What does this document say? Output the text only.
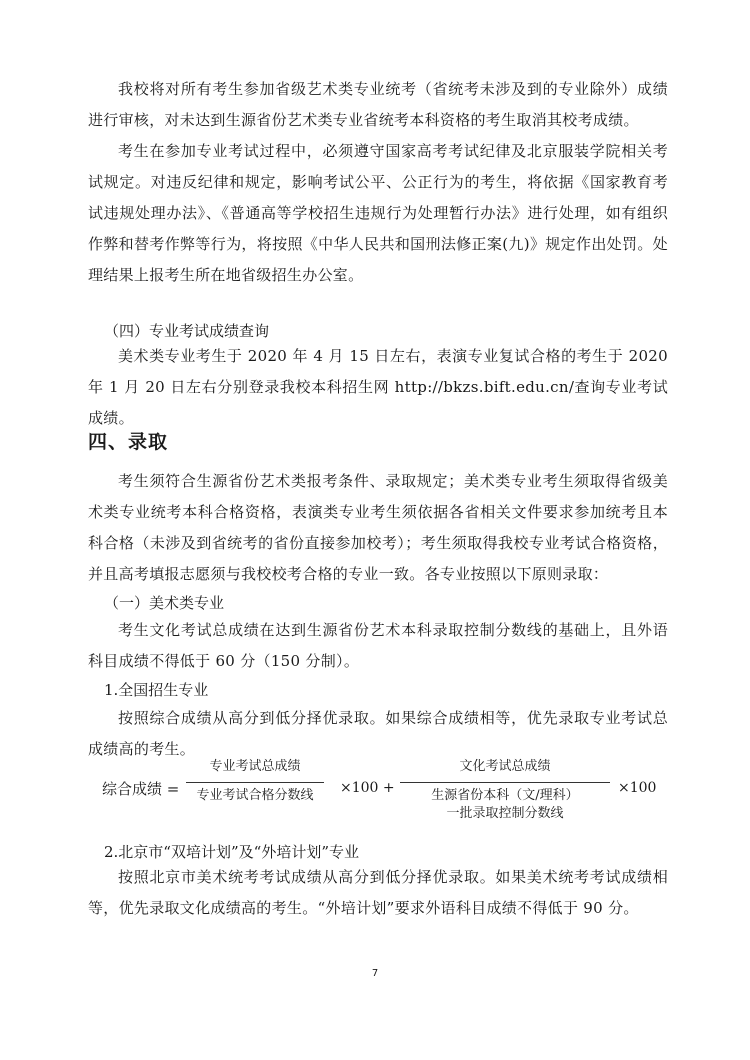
我校将对所有考生参加省级艺术类专业统考（省统考未涉及到的专业除外）成绩进行审核，对未达到生源省份艺术类专业省统考本科资格的考生取消其校考成绩。

考生在参加专业考试过程中，必须遵守国家高考考试纪律及北京服装学院相关考试规定。对违反纪律和规定，影响考试公平、公正行为的考生，将依据《国家教育考试违规处理办法》、《普通高等学校招生违规行为处理暂行办法》进行处理，如有组织作弊和替考作弊等行为，将按照《中华人民共和国刑法修正案(九)》规定作出处罚。处理结果上报考生所在地省级招生办公室。

（四）专业考试成绩查询

美术类专业考生于 2020 年 4 月 15 日左右，表演专业复试合格的考生于 2020 年 1 月 20 日左右分别登录我校本科招生网 http://bkzs.bift.edu.cn/查询专业考试成绩。

四、录取

考生须符合生源省份艺术类报考条件、录取规定；美术类专业考生须取得省级美术类专业统考本科合格资格，表演类专业考生须依据各省相关文件要求参加统考且本科合格（未涉及到省统考的省份直接参加校考）；考生须取得我校专业考试合格资格，并且高考填报志愿须与我校校考合格的专业一致。各专业按照以下原则录取：

（一）美术类专业

考生文化考试总成绩在达到生源省份艺术本科录取控制分数线的基础上，且外语科目成绩不得低于 60 分（150 分制）。

1.全国招生专业

按照综合成绩从高分到低分择优录取。如果综合成绩相等，优先录取专业考试总成绩高的考生。

综合成绩 =
专业考试总成绩
专业考试合格分数线	×100 +
文化考试总成绩
生源省份本科（文/理科）
一批录取控制分数线
×100

2.北京市“双培计划”及“外培计划”专业

按照北京市美术统考考试成绩从高分到低分择优录取。如果美术统考考试成绩相等，优先录取文化成绩高的考生。“外培计划”要求外语科目成绩不得低于 90 分。

7
